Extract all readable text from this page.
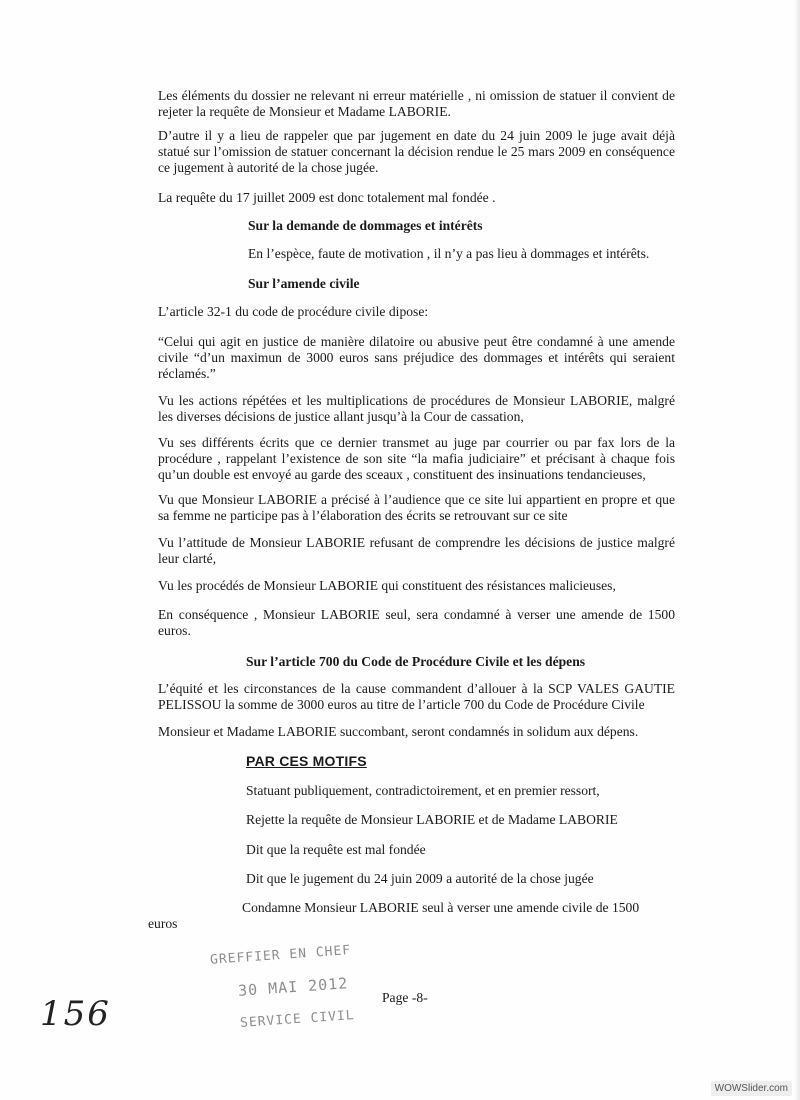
Les éléments du dossier ne relevant ni erreur matérielle , ni omission de statuer il convient de rejeter la requête de Monsieur et Madame LABORIE.

D’autre il y a lieu de rappeler que par jugement en date du 24 juin 2009 le juge avait déjà statué sur l’omission de statuer concernant la décision rendue le 25 mars 2009 en conséquence ce jugement à autorité de la chose jugée.

La requête du 17 juillet 2009 est donc totalement mal fondée .

Sur la demande de dommages et intérêts

En l’espèce, faute de motivation , il n’y a pas lieu à dommages et intérêts.

Sur l’amende civile

L’article 32-1 du code de procédure civile dipose:

“Celui qui agit en justice de manière dilatoire ou abusive peut être condamné à une amende civile “d’un maximun de 3000 euros sans préjudice des dommages et intérêts qui seraient réclamés.”

Vu les actions répétées et les multiplications de procédures de Monsieur LABORIE, malgré les diverses décisions de justice allant jusqu’à la Cour de cassation,

Vu ses différents écrits que ce dernier transmet au juge par courrier ou par fax lors de la procédure , rappelant l’existence de son site “la mafia judiciaire” et précisant à chaque fois qu’un double est envoyé au garde des sceaux , constituent des insinuations tendancieuses,

Vu que Monsieur LABORIE a précisé à l’audience que ce site lui appartient en propre et que sa femme ne participe pas à l’élaboration des écrits se retrouvant sur ce site

Vu l’attitude de Monsieur LABORIE refusant de comprendre les décisions de justice malgré leur clarté,

Vu les procédés de Monsieur LABORIE qui constituent des résistances malicieuses,

En conséquence , Monsieur LABORIE seul, sera condamné à verser une amende de 1500 euros.

Sur l’article 700 du Code de Procédure Civile et les dépens

L’équité et les circonstances de la cause commandent d’allouer à la SCP VALES GAUTIE PELISSOU la somme de 3000 euros au titre de l’article 700 du Code de Procédure Civile

Monsieur et Madame LABORIE succombant, seront condamnés in solidum aux dépens.

PAR CES MOTIFS

Statuant publiquement, contradictoirement, et en premier ressort,

Rejette la requête de Monsieur LABORIE et de Madame LABORIE

Dit que la requête est mal fondée

Dit que le jugement du 24 juin 2009 a autorité de la chose jugée

Condamne Monsieur LABORIE seul à verser une amende civile de 1500

euros

GREFFIER EN CHEF
30 MAI 2012
SERVICE CIVIL

Page -8-

156
WOWSlider.com
